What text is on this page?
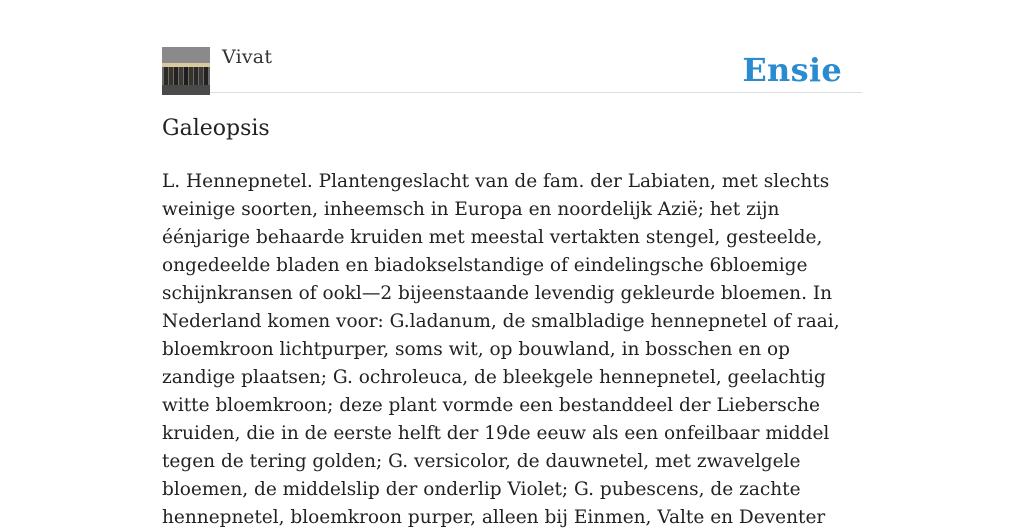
Vivat	Ensie
Galeopsis

L. Hennepnetel. Plantengeslacht van de fam. der Labiaten, met slechts weinige soorten, inheemsch in Europa en noordelijk Azië; het zijn éénjarige behaarde kruiden met meestal vertakten stengel, gesteelde, ongedeelde bladen en biadokselstandige of eindelingsche 6bloemige schijnkransen of ookl—2 bijeenstaande levendig gekleurde bloemen. In Nederland komen voor: G.ladanum, de smalbladige hennepnetel of raai, bloemkroon lichtpurper, soms wit, op bouwland, in bosschen en op zandige plaatsen; G. ochroleuca, de bleekgele hennepnetel, geelachtig witte bloemkroon; deze plant vormde een bestanddeel der Liebersche kruiden, die in de eerste helft der 19de eeuw als een onfeilbaar middel tegen de tering golden; G. versicolor, de dauwnetel, met zwavelgele bloemen, de middelslip der onderlip Violet; G. pubescens, de zachte hennepnetel, bloemkroon purper, alleen bij Einmen, Valte en Deventer
